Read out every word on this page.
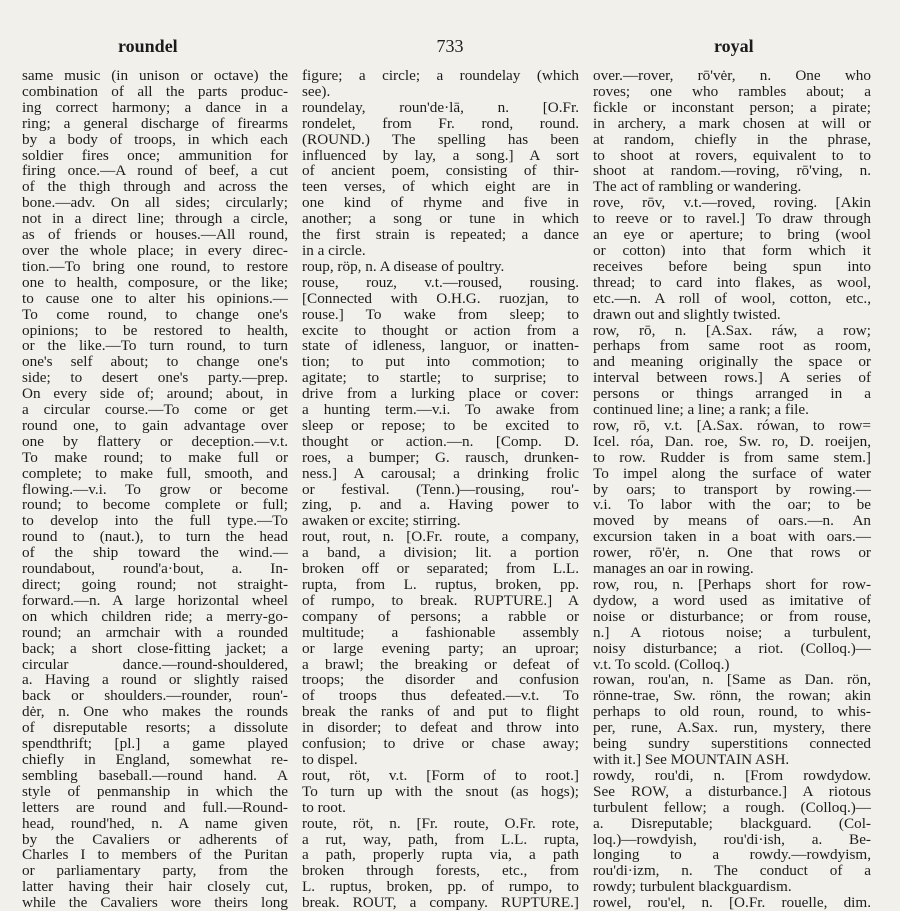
roundel	733	royal
same music (in unison or octave) the
combination of all the parts produc-
ing correct harmony; a dance in a
ring; a general discharge of firearms
by a body of troops, in which each
soldier fires once; ammunition for
firing once.—A round of beef, a cut
of the thigh through and across the
bone.—adv. On all sides; circularly;
not in a direct line; through a circle,
as of friends or houses.—All round,
over the whole place; in every direc-
tion.—To bring one round, to restore
one to health, composure, or the like;
to cause one to alter his opinions.—
To come round, to change one's
opinions; to be restored to health,
or the like.—To turn round, to turn
one's self about; to change one's
side; to desert one's party.—prep.
On every side of; around; about, in
a circular course.—To come or get
round one, to gain advantage over
one by flattery or deception.—v.t.
To make round; to make full or
complete; to make full, smooth, and
flowing.—v.i. To grow or become
round; to become complete or full;
to develop into the full type.—To
round to (naut.), to turn the head
of the ship toward the wind.—
roundabout, round'a·bout, a. In-
direct; going round; not straight-
forward.—n. A large horizontal wheel
on which children ride; a merry-go-
round; an armchair with a rounded
back; a short close-fitting jacket; a
circular dance.—round-shouldered,
a. Having a round or slightly raised
back or shoulders.—rounder, roun'-
dėr, n. One who makes the rounds
of disreputable resorts; a dissolute
spendthrift; [pl.] a game played
chiefly in England, somewhat re-
sembling baseball.—round hand. A
style of penmanship in which the
letters are round and full.—Round-
head, round'hed, n. A name given
by the Cavaliers or adherents of
Charles I to members of the Puritan
or parliamentary party, from the
latter having their hair closely cut,
while the Cavaliers wore theirs long
figure; a circle; a roundelay (which
see).
roundelay, roun'de·lā, n. [O.Fr.
rondelet, from Fr. rond, round.
(ROUND.) The spelling has been
influenced by lay, a song.] A sort
of ancient poem, consisting of thir-
teen verses, of which eight are in
one kind of rhyme and five in
another; a song or tune in which
the first strain is repeated; a dance
in a circle.
roup, röp, n. A disease of poultry.
rouse, rouz, v.t.—roused, rousing.
[Connected with O.H.G. ruozjan, to
rouse.] To wake from sleep; to
excite to thought or action from a
state of idleness, languor, or inatten-
tion; to put into commotion; to
agitate; to startle; to surprise; to
drive from a lurking place or cover:
a hunting term.—v.i. To awake from
sleep or repose; to be excited to
thought or action.—n. [Comp. D.
roes, a bumper; G. rausch, drunken-
ness.] A carousal; a drinking frolic
or festival. (Tenn.)—rousing, rou'-
zing, p. and a. Having power to
awaken or excite; stirring.
rout, rout, n. [O.Fr. route, a company,
a band, a division; lit. a portion
broken off or separated; from L.L.
rupta, from L. ruptus, broken, pp.
of rumpo, to break. RUPTURE.] A
company of persons; a rabble or
multitude; a fashionable assembly
or large evening party; an uproar;
a brawl; the breaking or defeat of
troops; the disorder and confusion
of troops thus defeated.—v.t. To
break the ranks of and put to flight
in disorder; to defeat and throw into
confusion; to drive or chase away;
to dispel.
rout, röt, v.t. [Form of to root.]
To turn up with the snout (as hogs);
to root.
route, röt, n. [Fr. route, O.Fr. rote,
a rut, way, path, from L.L. rupta,
a path, properly rupta via, a path
broken through forests, etc., from
L. ruptus, broken, pp. of rumpo, to
break. ROUT, a company. RUPTURE.]
over.—rover, rō'vėr, n. One who
roves; one who rambles about; a
fickle or inconstant person; a pirate;
in archery, a mark chosen at will or
at random, chiefly in the phrase,
to shoot at rovers, equivalent to to
shoot at random.—roving, rō'ving, n.
The act of rambling or wandering.
rove, rōv, v.t.—roved, roving. [Akin
to reeve or to ravel.] To draw through
an eye or aperture; to bring (wool
or cotton) into that form which it
receives before being spun into
thread; to card into flakes, as wool,
etc.—n. A roll of wool, cotton, etc.,
drawn out and slightly twisted.
row, rō, n. [A.Sax. ráw, a row;
perhaps from same root as room,
and meaning originally the space or
interval between rows.] A series of
persons or things arranged in a
continued line; a line; a rank; a file.
row, rō, v.t. [A.Sax. rówan, to row=
Icel. róa, Dan. roe, Sw. ro, D. roeijen,
to row. Rudder is from same stem.]
To impel along the surface of water
by oars; to transport by rowing.—
v.i. To labor with the oar; to be
moved by means of oars.—n. An
excursion taken in a boat with oars.—
rower, rō'ėr, n. One that rows or
manages an oar in rowing.
row, rou, n. [Perhaps short for row-
dydow, a word used as imitative of
noise or disturbance; or from rouse,
n.] A riotous noise; a turbulent,
noisy disturbance; a riot. (Colloq.)—
v.t. To scold. (Colloq.)
rowan, rou'an, n. [Same as Dan. rön,
rönne-trae, Sw. rönn, the rowan; akin
perhaps to old roun, round, to whis-
per, rune, A.Sax. run, mystery, there
being sundry superstitions connected
with it.] See MOUNTAIN ASH.
rowdy, rou'di, n. [From rowdydow.
See ROW, a disturbance.] A riotous
turbulent fellow; a rough. (Colloq.)—
a. Disreputable; blackguard. (Col-
loq.)—rowdyish, rou'di·ish, a. Be-
longing to a rowdy.—rowdyism,
rou'di·izm, n. The conduct of a
rowdy; turbulent blackguardism.
rowel, rou'el, n. [O.Fr. rouelle, dim.
